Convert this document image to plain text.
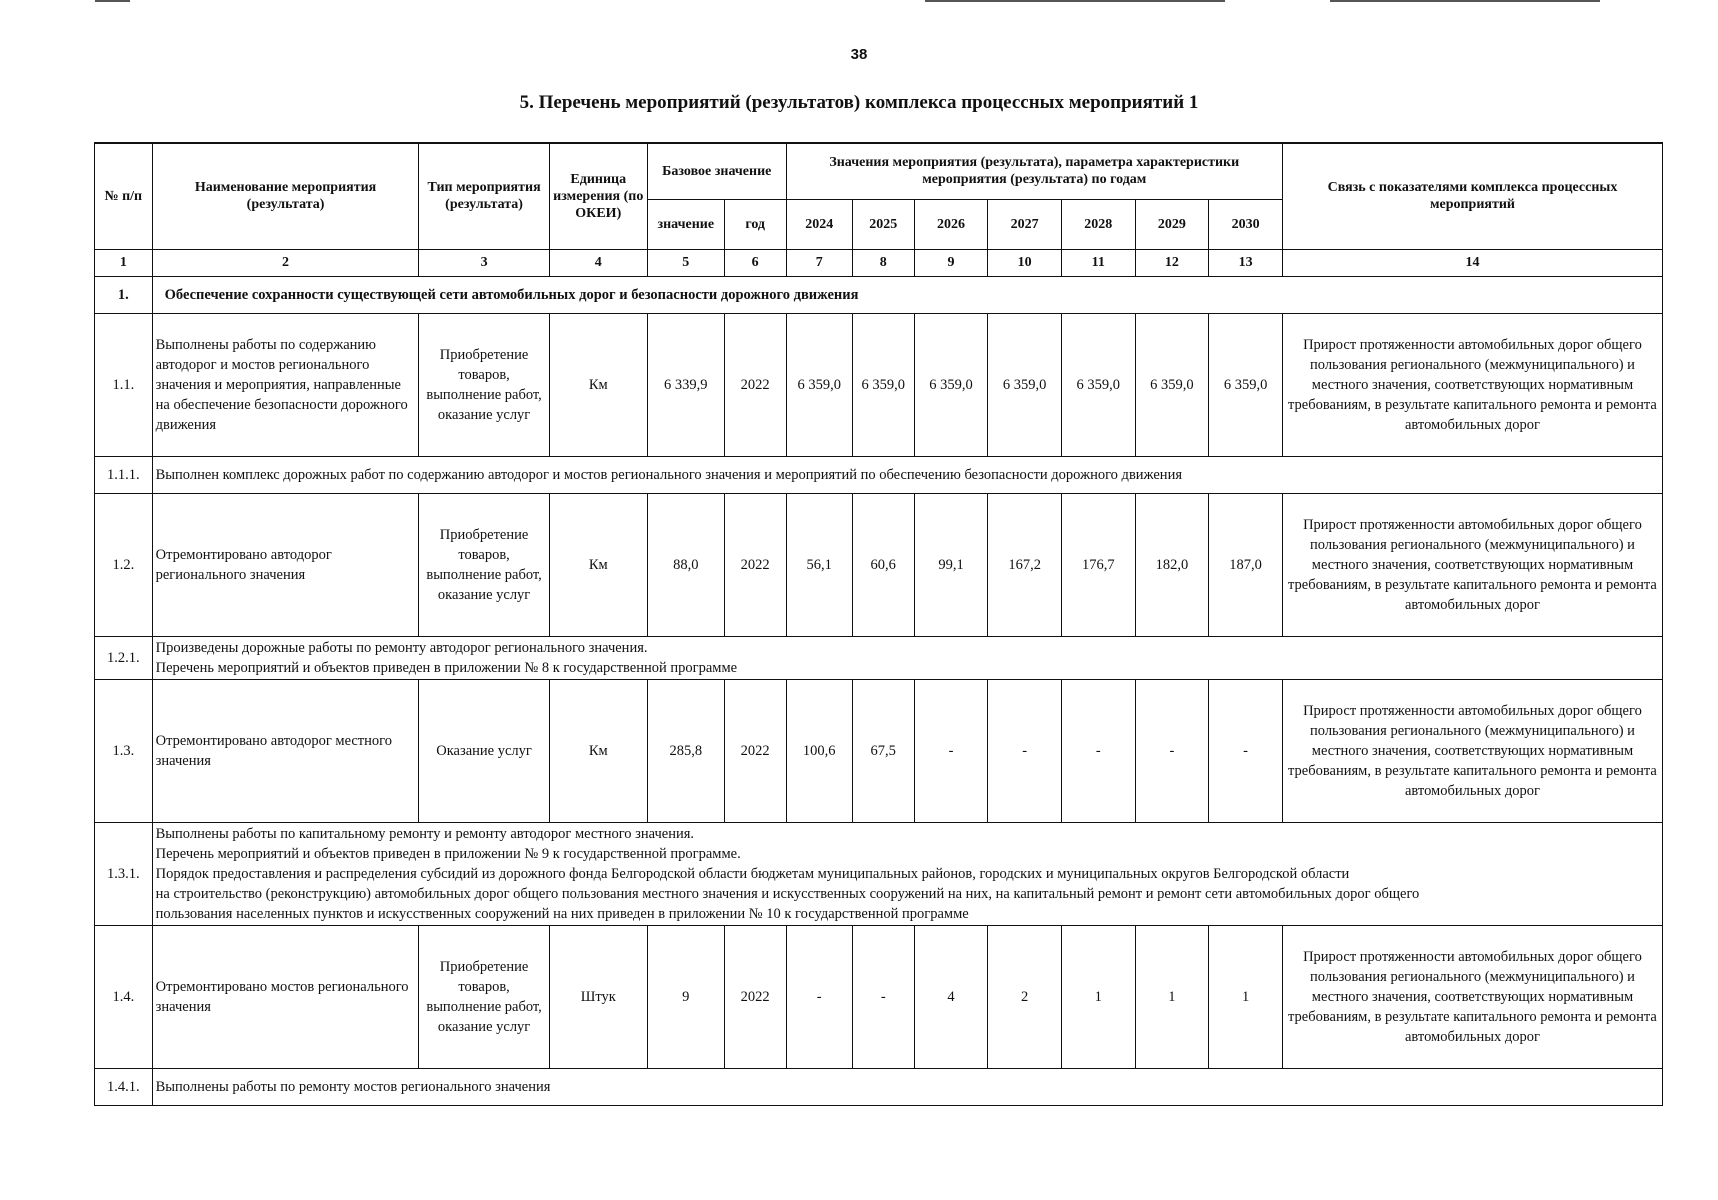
38
5. Перечень мероприятий (результатов) комплекса процессных мероприятий 1
№ п/п	Наименование мероприятия (результата)	Тип мероприятия (результата)	Единица измерения (по ОКЕИ)	Базовое значение		Значения мероприятия (результата), параметра характеристики мероприятия (результата) по годам							Связь с показателями комплекса процессных мероприятий
				значение	год	2024	2025	2026	2027	2028	2029	2030	
1	2	3	4	5	6	7	8	9	10	11	12	13	14
1.	Обеспечение сохранности существующей сети автомобильных дорог и безопасности дорожного движения												
1.1.	Выполнены работы по содержанию автодорог и мостов регионального значения и мероприятия, направленные на обеспечение безопасности дорожного движения	Приобретение товаров, выполнение работ, оказание услуг	Км	6 339,9	2022	6 359,0	6 359,0	6 359,0	6 359,0	6 359,0	6 359,0	6 359,0	Прирост протяженности автомобильных дорог общего пользования регионального (межмуниципального) и местного значения, соответствующих нормативным требованиям, в результате капитального ремонта и ремонта автомобильных дорог
1.1.1.	Выполнен комплекс дорожных работ по содержанию автодорог и мостов регионального значения и мероприятий по обеспечению безопасности дорожного движения												

1.2.	Отремонтировано автодорог регионального значения	Приобретение товаров, выполнение работ, оказание услуг	Км	88,0	2022	56,1	60,6	99,1	167,2	176,7	182,0	187,0	Прирост протяженности автомобильных дорог общего пользования регионального (межмуниципального) и местного значения, соответствующих нормативным требованиям, в результате капитального ремонта и ремонта автомобильных дорог
1.2.1.	Произведены дорожные работы по ремонту автодорог регионального значения.
Перечень мероприятий и объектов приведен в приложении № 8 к государственной программе												

1.3.	Отремонтировано автодорог местного значения	Оказание услуг	Км	285,8	2022	100,6	67,5	-	-	-	-	-	Прирост протяженности автомобильных дорог общего пользования регионального (межмуниципального) и местного значения, соответствующих нормативным требованиям, в результате капитального ремонта и ремонта автомобильных дорог
1.3.1.	Выполнены работы по капитальному ремонту и ремонту автодорог местного значения.
Перечень мероприятий и объектов приведен в приложении № 9 к государственной программе.
Порядок предоставления и распределения субсидий из дорожного фонда Белгородской области бюджетам муниципальных районов, городских и муниципальных округов Белгородской области
на строительство (реконструкцию) автомобильных дорог общего пользования местного значения и искусственных сооружений на них, на капитальный ремонт и ремонт сети автомобильных дорог общего
пользования населенных пунктов и искусственных сооружений на них приведен в приложении № 10 к государственной программе												

1.4.	Отремонтировано мостов регионального значения	Приобретение товаров, выполнение работ, оказание услуг	Штук	9	2022	-	-	4	2	1	1	1	Прирост протяженности автомобильных дорог общего пользования регионального (межмуниципального) и местного значения, соответствующих нормативным требованиям, в результате капитального ремонта и ремонта автомобильных дорог
1.4.1.	Выполнены работы по ремонту мостов регионального значения												
